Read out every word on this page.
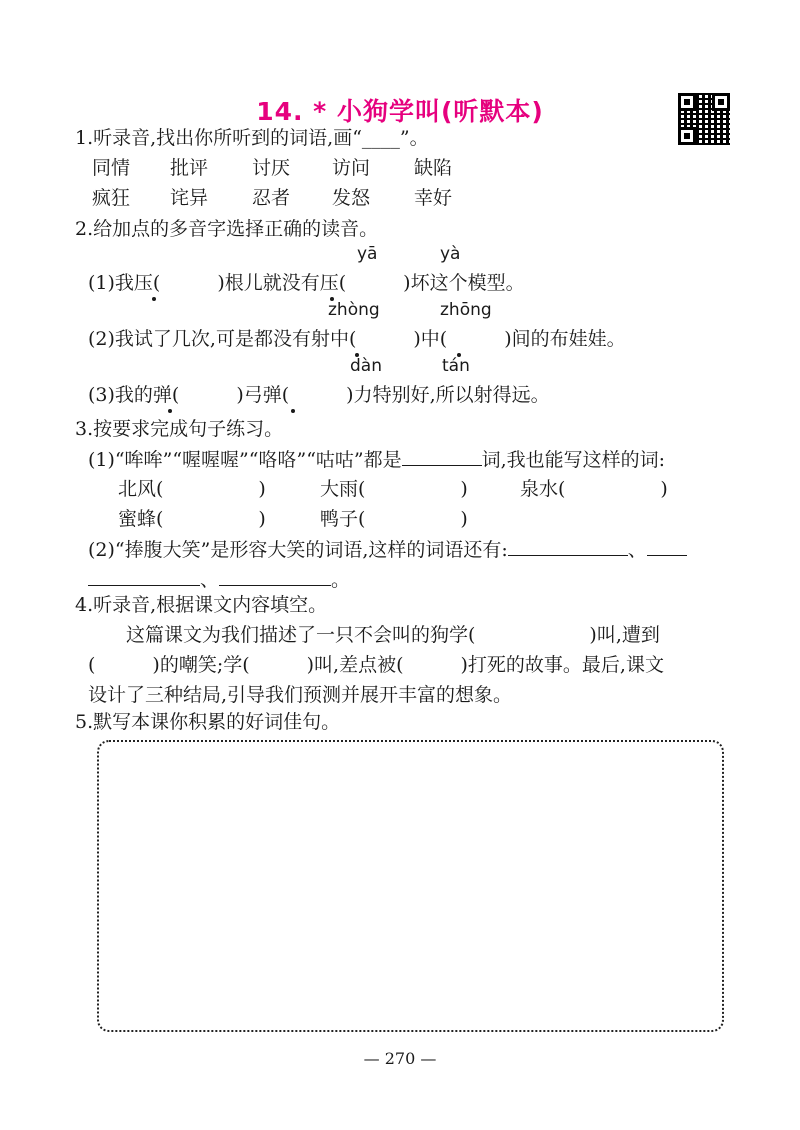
14. * 小狗学叫(听默本)
1.听录音,找出你所听到的词语,画“____”。
同情 批评 讨厌 访问 缺陷
疯狂 诧异 忍者 发怒 幸好
2.给加点的多音字选择正确的读音。
yā	yà
(1)我压(　　　)根儿就没有压(　　　)坏这个模型。
zhòng	zhōng
(2)我试了几次,可是都没有射中(　　　)中(　　　)间的布娃娃。
dàn	tán
(3)我的弹(　　　)弓弹(　　　)力特别好,所以射得远。
3.按要求完成句子练习。
(1)“哞哞”“喔喔喔”“咯咯”“咕咕”都是	词,我也能写这样的词:
北风(　　　　　)	大雨(　　　　　)	泉水(　　　　　)
蜜蜂(　　　　　)	鸭子(　　　　　)
(2)“捧腹大笑”是形容大笑的词语,这样的词语还有:	、
、	。
4.听录音,根据课文内容填空。
这篇课文为我们描述了一只不会叫的狗学(　　　　　　)叫,遭到
(　　　)的嘲笑;学(　　　)叫,差点被(　　　)打死的故事。最后,课文
设计了三种结局,引导我们预测并展开丰富的想象。
5.默写本课你积累的好词佳句。
— 270 —
